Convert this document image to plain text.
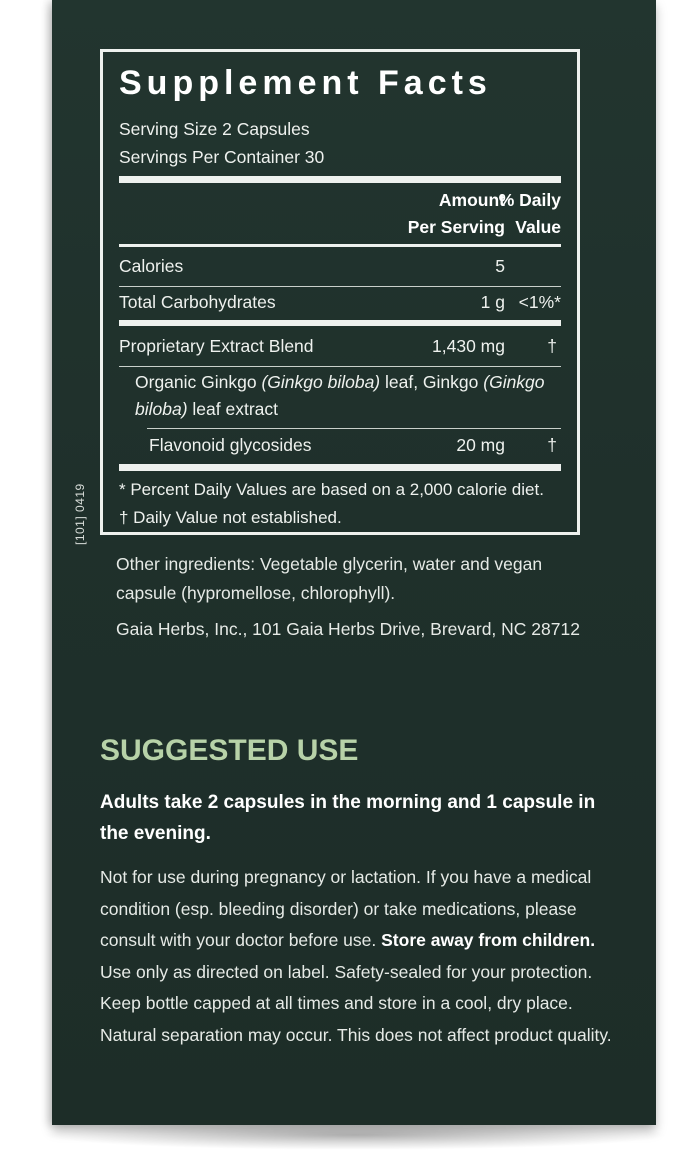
[101] 0419
Supplement Facts
Serving Size 2 Capsules
Servings Per Container 30
Amount
Per Serving
% Daily
Value
Calories	5
Total Carbohydrates	1 g <1%*
Proprietary Extract Blend	1,430 mg †
Organic Ginkgo (Ginkgo biloba) leaf, Ginkgo (Ginkgo
biloba) leaf extract
Flavonoid glycosides	20 mg †
* Percent Daily Values are based on a 2,000 calorie diet.
† Daily Value not established.
Other ingredients: Vegetable glycerin, water and vegan
capsule (hypromellose, chlorophyll).
Gaia Herbs, Inc., 101 Gaia Herbs Drive, Brevard, NC 28712
SUGGESTED USE
Adults take 2 capsules in the morning and 1 capsule in the evening.
Not for use during pregnancy or lactation. If you have a medical condition (esp. bleeding disorder) or take medications, please consult with your doctor before use. Store away from children. Use only as directed on label. Safety-sealed for your protection. Keep bottle capped at all times and store in a cool, dry place. Natural separation may occur. This does not affect product quality.
